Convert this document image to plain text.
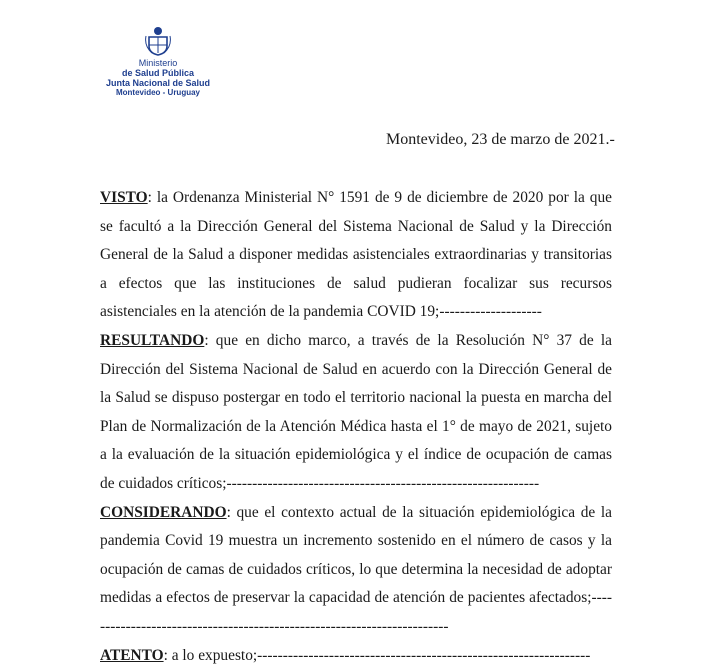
Ministerio
de Salud Pública
Junta Nacional de Salud
Montevideo - Uruguay
Montevideo, 23 de marzo de 2021.-

VISTO: la Ordenanza Ministerial N° 1591 de 9 de diciembre de 2020 por la que se facultó a la Dirección General del Sistema Nacional de Salud y la Dirección General de la Salud a disponer medidas asistenciales extraordinarias y transitorias a efectos que las instituciones de salud pudieran focalizar sus recursos asistenciales en la atención de la pandemia COVID 19;--------------------

RESULTANDO: que en dicho marco, a través de la Resolución N° 37 de la Dirección del Sistema Nacional de Salud en acuerdo con la Dirección General de la Salud se dispuso postergar en todo el territorio nacional la puesta en marcha del Plan de Normalización de la Atención Médica hasta el 1° de mayo de 2021, sujeto a la evaluación de la situación epidemiológica y el índice de ocupación de camas de cuidados críticos;-------------------------------------------------------------

CONSIDERANDO: que el contexto actual de la situación epidemiológica de la pandemia Covid 19 muestra un incremento sostenido en el número de casos y la ocupación de camas de cuidados críticos, lo que determina la necesidad de adoptar medidas a efectos de preservar la capacidad de atención de pacientes afectados;------------------------------------------------------------------------

ATENTO: a lo expuesto;-----------------------------------------------------------------
